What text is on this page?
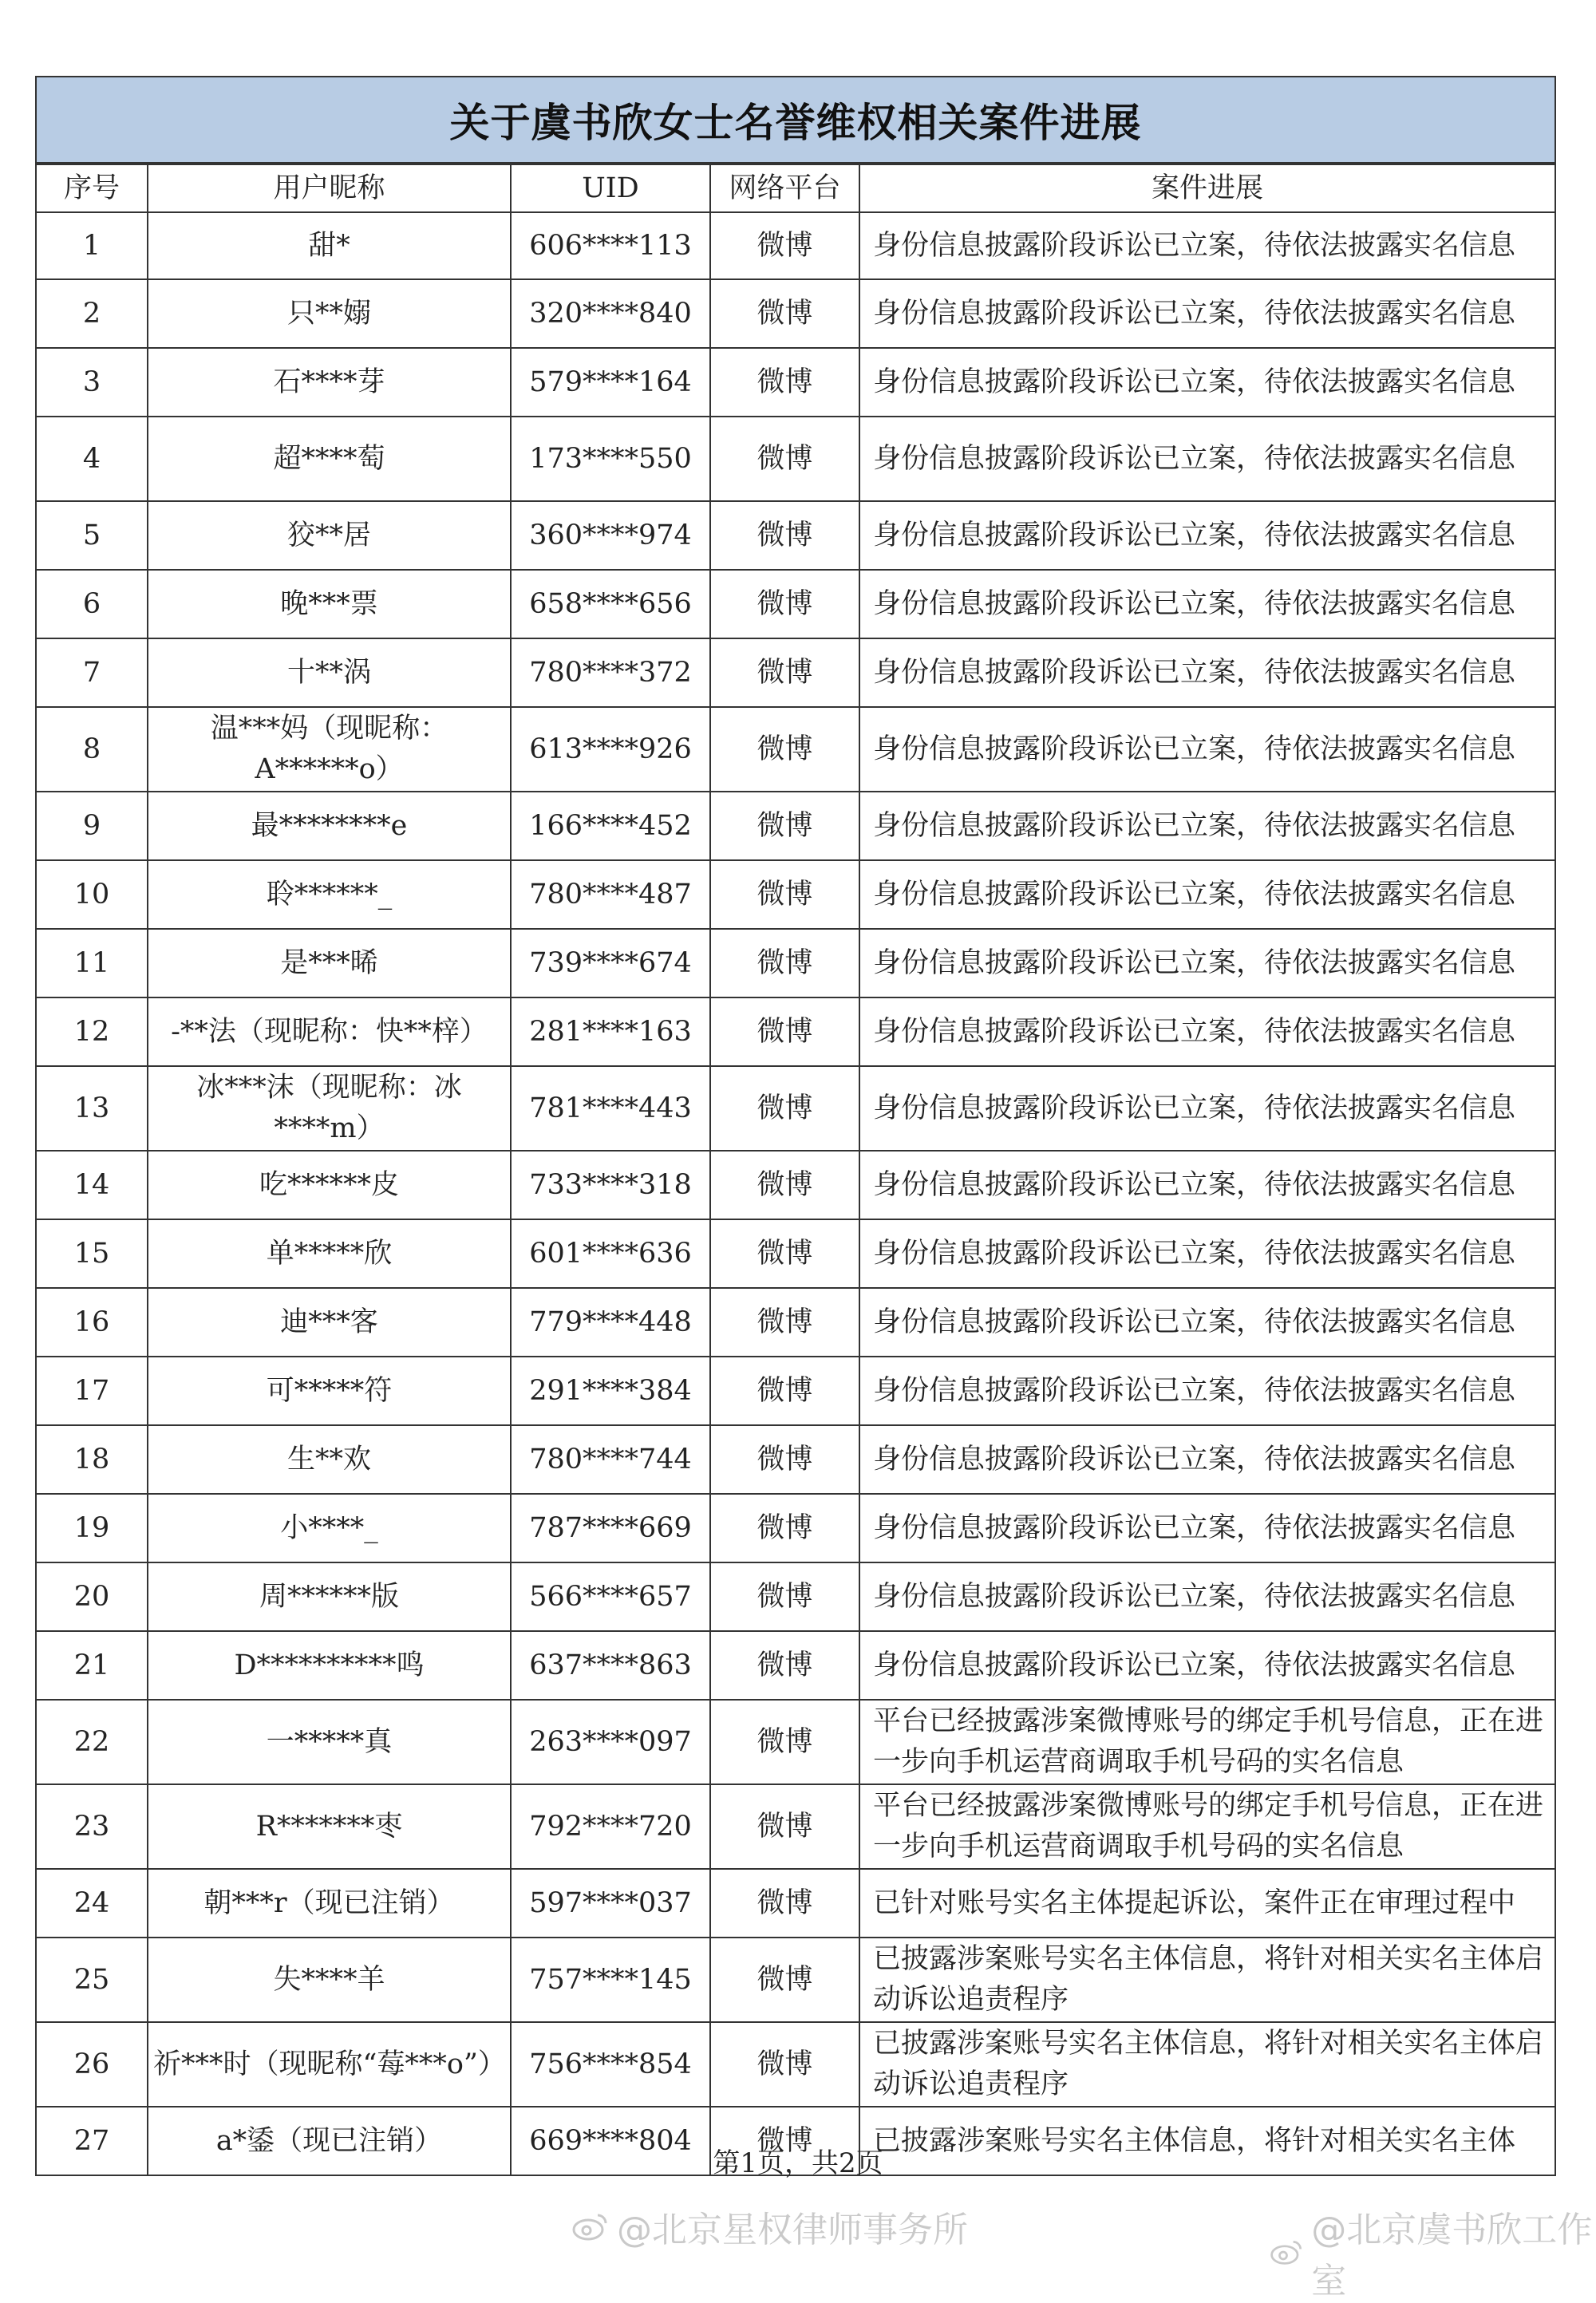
关于虞书欣女士名誉维权相关案件进展
序号	用户昵称	UID	网络平台	案件进展
1	甜*	606****113	微博	身份信息披露阶段诉讼已立案，待依法披露实名信息
2	只**嫋	320****840	微博	身份信息披露阶段诉讼已立案，待依法披露实名信息
3	石****芽	579****164	微博	身份信息披露阶段诉讼已立案，待依法披露实名信息
4	超****萄	173****550	微博	身份信息披露阶段诉讼已立案，待依法披露实名信息
5	狡**居	360****974	微博	身份信息披露阶段诉讼已立案，待依法披露实名信息
6	晚***票	658****656	微博	身份信息披露阶段诉讼已立案，待依法披露实名信息
7	十**涡	780****372	微博	身份信息披露阶段诉讼已立案，待依法披露实名信息
8	温***妈（现昵称：A******o）	613****926	微博	身份信息披露阶段诉讼已立案，待依法披露实名信息
9	最********e	166****452	微博	身份信息披露阶段诉讼已立案，待依法披露实名信息
10	聆******_	780****487	微博	身份信息披露阶段诉讼已立案，待依法披露实名信息
11	是***晞	739****674	微博	身份信息披露阶段诉讼已立案，待依法披露实名信息
12	-**法（现昵称：快**梓）	281****163	微博	身份信息披露阶段诉讼已立案，待依法披露实名信息
13	冰***沫（现昵称：冰****m）	781****443	微博	身份信息披露阶段诉讼已立案，待依法披露实名信息
14	吃******皮	733****318	微博	身份信息披露阶段诉讼已立案，待依法披露实名信息
15	单*****欣	601****636	微博	身份信息披露阶段诉讼已立案，待依法披露实名信息
16	迪***客	779****448	微博	身份信息披露阶段诉讼已立案，待依法披露实名信息
17	可*****符	291****384	微博	身份信息披露阶段诉讼已立案，待依法披露实名信息
18	生**欢	780****744	微博	身份信息披露阶段诉讼已立案，待依法披露实名信息
19	小****_	787****669	微博	身份信息披露阶段诉讼已立案，待依法披露实名信息
20	周******版	566****657	微博	身份信息披露阶段诉讼已立案，待依法披露实名信息
21	D**********鸣	637****863	微博	身份信息披露阶段诉讼已立案，待依法披露实名信息
22	一*****真	263****097	微博	平台已经披露涉案微博账号的绑定手机号信息，正在进一步向手机运营商调取手机号码的实名信息
23	R*******枣	792****720	微博	平台已经披露涉案微博账号的绑定手机号信息，正在进一步向手机运营商调取手机号码的实名信息
24	朝***r（现已注销）	597****037	微博	已针对账号实名主体提起诉讼，案件正在审理过程中
25	失****羊	757****145	微博	已披露涉案账号实名主体信息，将针对相关实名主体启动诉讼追责程序
26	祈***时（现昵称“莓***o”）	756****854	微博	已披露涉案账号实名主体信息，将针对相关实名主体启动诉讼追责程序
27	a*鋈（现已注销）	669****804	微博	已披露涉案账号实名主体信息，将针对相关实名主体
第1页，共2页
@北京星权律师事务所	@北京虞书欣工作室
